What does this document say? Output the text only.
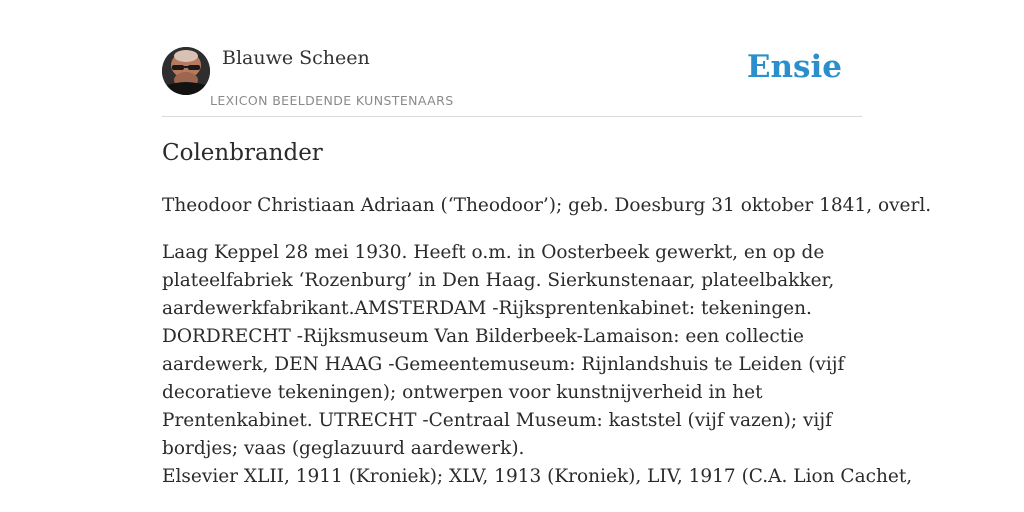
Blauwe Scheen
LEXICON BEELDENDE KUNSTENAARS
Ensie
Colenbrander

Theodoor Christiaan Adriaan (‘Theodoor’); geb. Doesburg 31 oktober 1841, overl.

Laag Keppel 28 mei 1930. Heeft o.m. in Oosterbeek gewerkt, en op de plateelfabriek ‘Rozenburg’ in Den Haag. Sierkunstenaar, plateelbakker, aardewerkfabrikant.AMSTERDAM -Rijksprentenkabinet: tekeningen. DORDRECHT -Rijksmuseum Van Bilderbeek-Lamaison: een collectie aardewerk, DEN HAAG -Gemeentemuseum: Rijnlandshuis te Leiden (vijf decoratieve tekeningen); ontwerpen voor kunstnijverheid in het Prentenkabinet. UTRECHT -Centraal Museum: kaststel (vijf vazen); vijf bordjes; vaas (geglazuurd aardewerk).

Elsevier XLII, 1911 (Kroniek); XLV, 1913 (Kroniek), LIV, 1917 (C.A. Lion Cachet,
